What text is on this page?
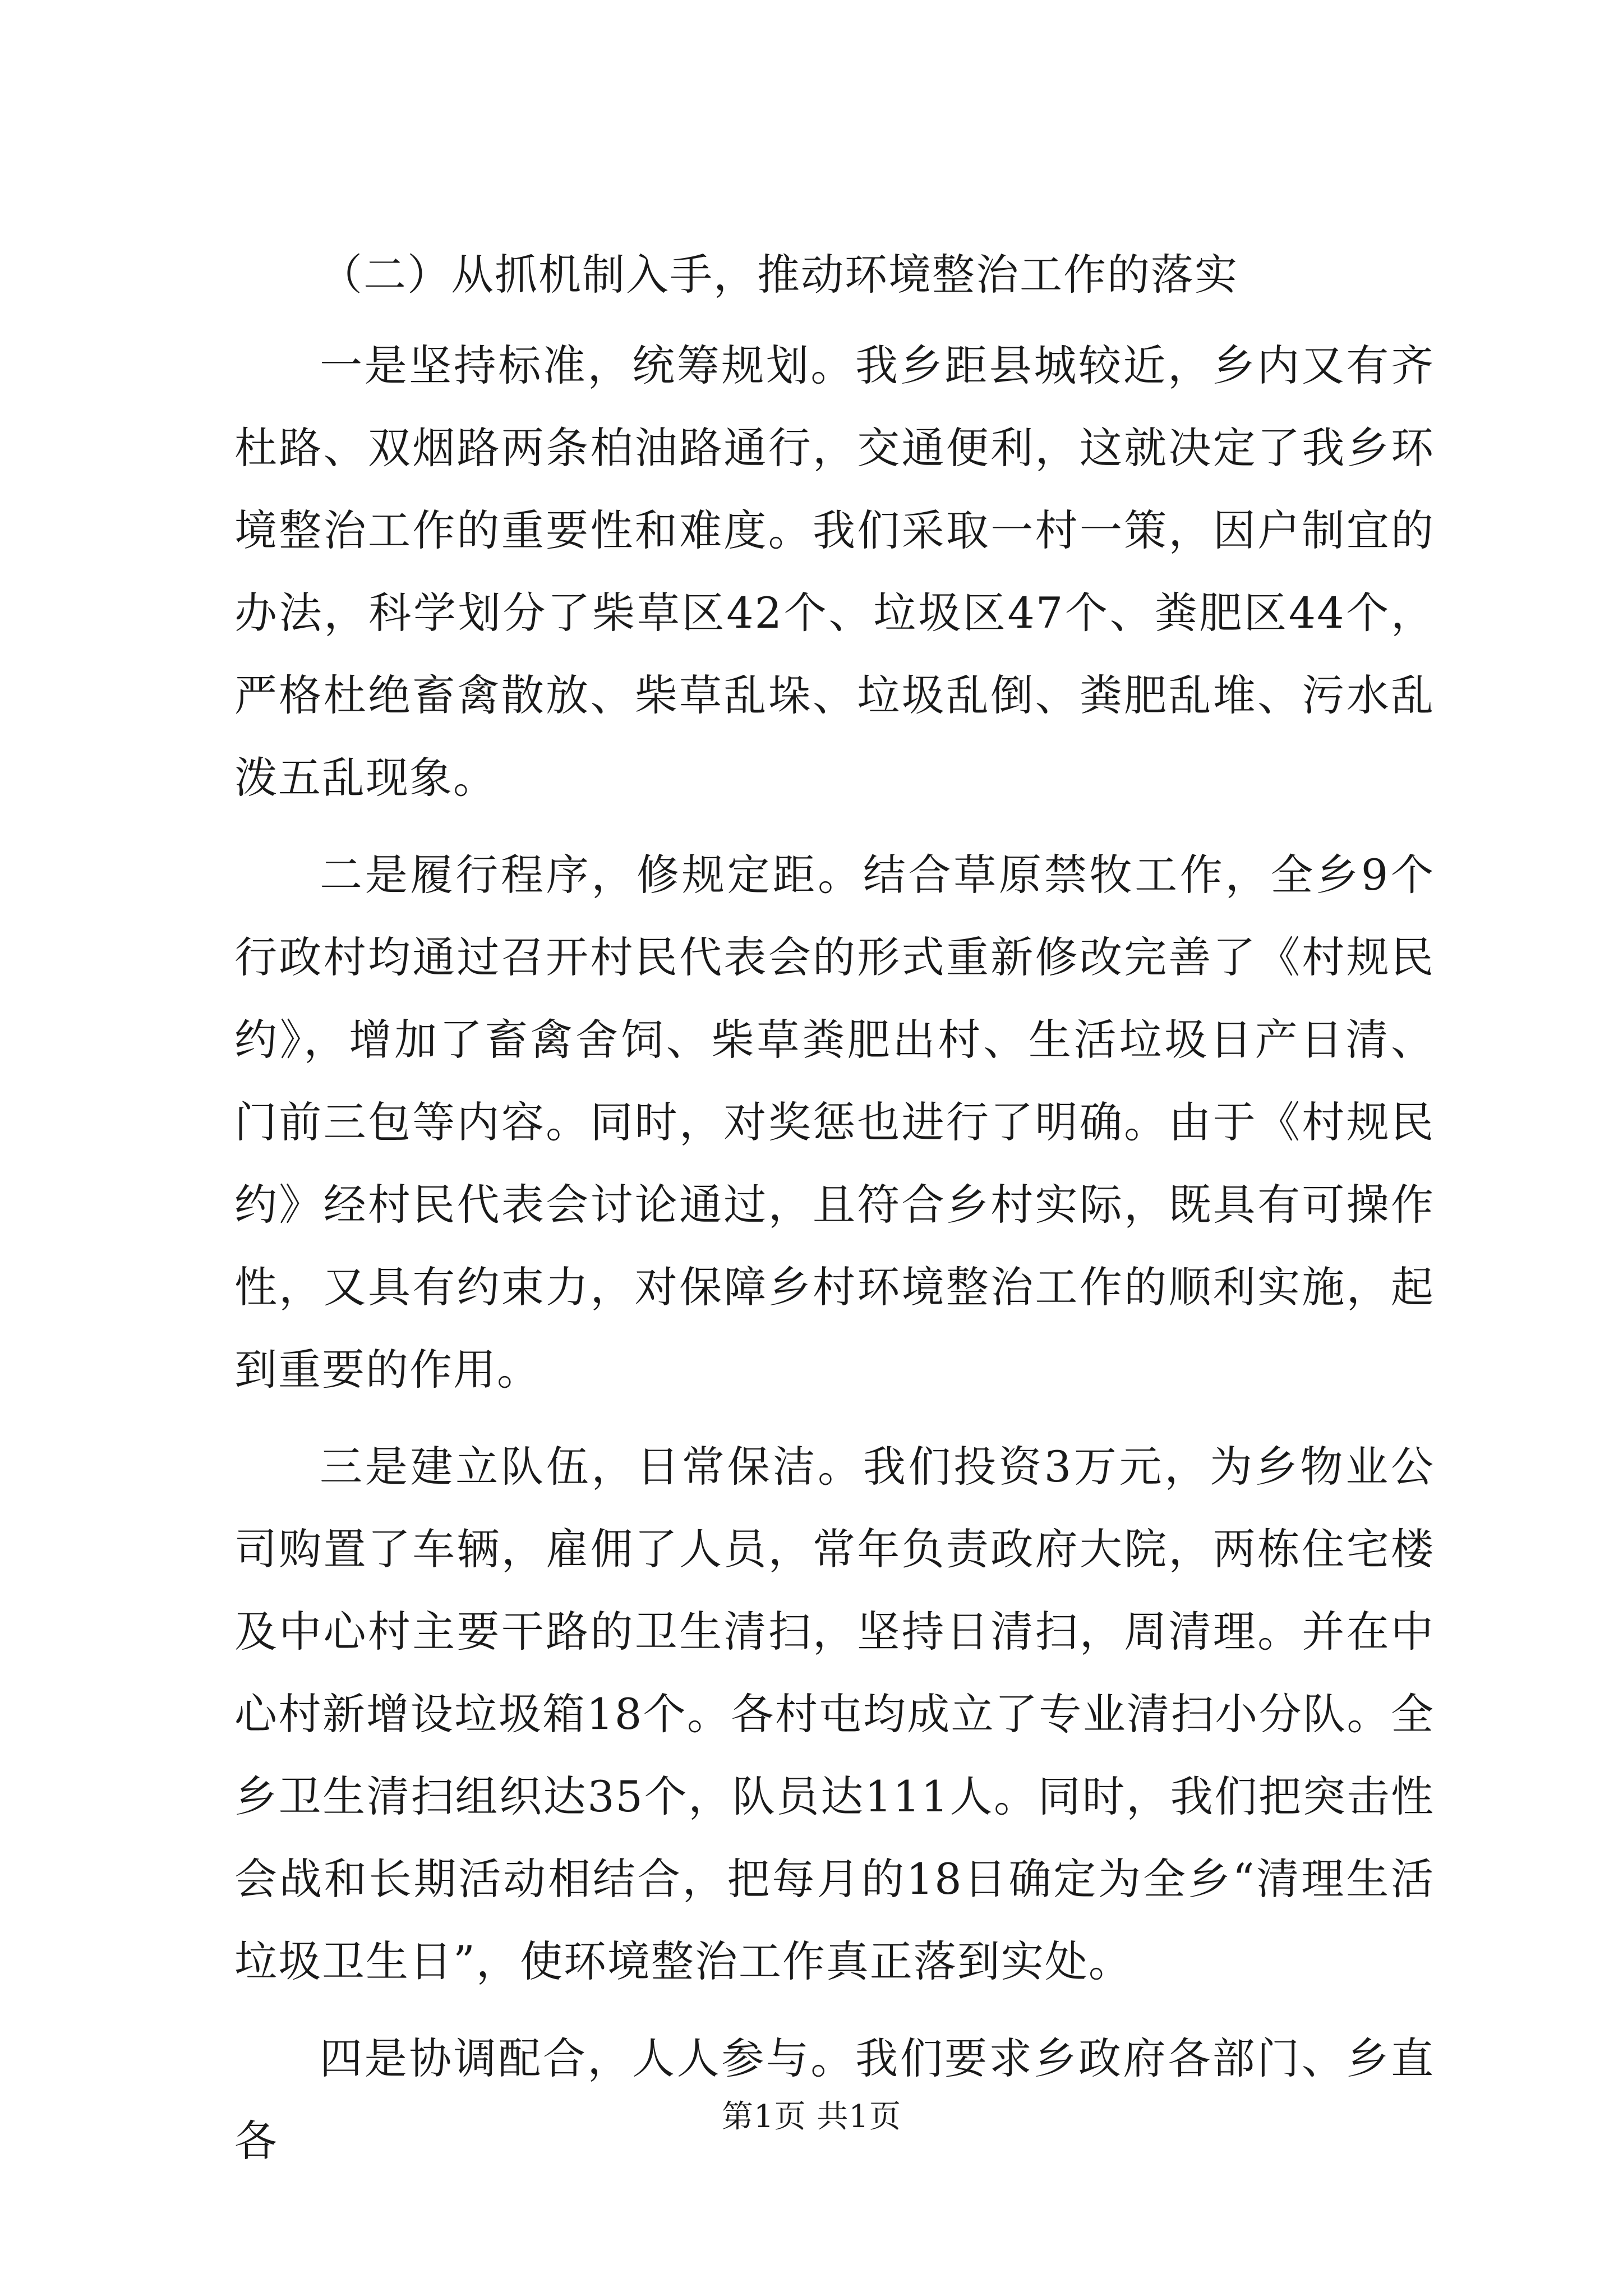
（二）从抓机制入手，推动环境整治工作的落实

一是坚持标准，统筹规划。我乡距县城较近，乡内又有齐杜路、双烟路两条柏油路通行，交通便利，这就决定了我乡环境整治工作的重要性和难度。我们采取一村一策，因户制宜的办法，科学划分了柴草区42个、垃圾区47个、粪肥区44个，严格杜绝畜禽散放、柴草乱垛、垃圾乱倒、粪肥乱堆、污水乱泼五乱现象。

二是履行程序，修规定距。结合草原禁牧工作，全乡9个行政村均通过召开村民代表会的形式重新修改完善了《村规民约》，增加了畜禽舍饲、柴草粪肥出村、生活垃圾日产日清、门前三包等内容。同时，对奖惩也进行了明确。由于《村规民约》经村民代表会讨论通过，且符合乡村实际，既具有可操作性，又具有约束力，对保障乡村环境整治工作的顺利实施，起到重要的作用。

三是建立队伍，日常保洁。我们投资3万元，为乡物业公司购置了车辆，雇佣了人员，常年负责政府大院，两栋住宅楼及中心村主要干路的卫生清扫，坚持日清扫，周清理。并在中心村新增设垃圾箱18个。各村屯均成立了专业清扫小分队。全乡卫生清扫组织达35个，队员达111人。同时，我们把突击性会战和长期活动相结合，把每月的18日确定为全乡“清理生活垃圾卫生日”，使环境整治工作真正落到实处。

四是协调配合，人人参与。我们要求乡政府各部门、乡直各	第1页 共1页
